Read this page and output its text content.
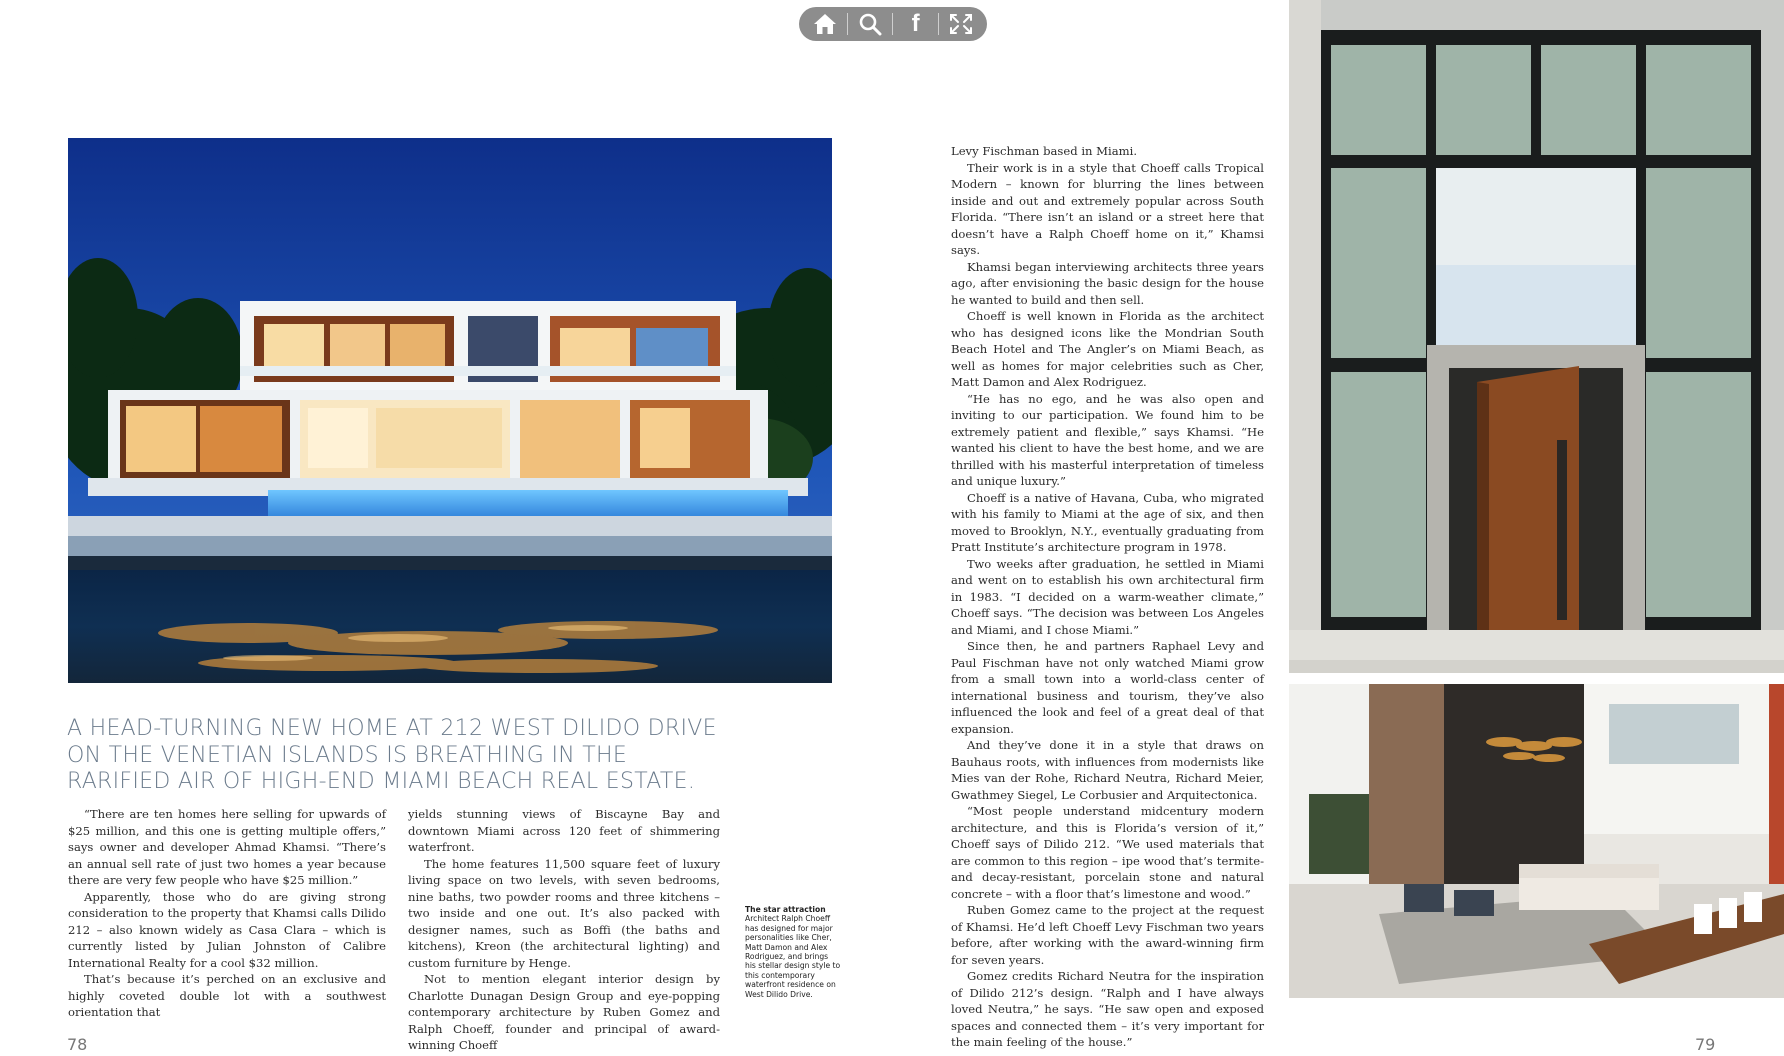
f
A HEAD-TURNING NEW HOME AT 212 WEST DILIDO DRIVE ON THE VENETIAN ISLANDS IS BREATHING IN THE RARIFIED AIR OF HIGH-END MIAMI BEACH REAL ESTATE.

“There are ten homes here selling for upwards of $25 million, and this one is getting multiple offers,” says owner and developer Ahmad Khamsi. “There’s an annual sell rate of just two homes a year because there are very few people who have $25 million.”

Apparently, those who do are giving strong consideration to the property that Khamsi calls Dilido 212 – also known widely as Casa Clara – which is currently listed by Julian Johnston of Calibre International Realty for a cool $32 million.

That’s because it’s perched on an exclusive and highly coveted double lot with a southwest orientation that

yields stunning views of Biscayne Bay and downtown Miami across 120 feet of shimmering waterfront.

The home features 11,500 square feet of luxury living space on two levels, with seven bedrooms, nine baths, two powder rooms and three kitchens – two inside and one out. It’s also packed with designer names, such as Boffi (the baths and kitchens), Kreon (the architectural lighting) and custom furniture by Henge.

Not to mention elegant interior design by Charlotte Dunagan Design Group and eye-popping contemporary architecture by Ruben Gomez and Ralph Choeff, founder and principal of award-winning Choeff

The star attraction
Architect Ralph Choeff has designed for major personalities like Cher, Matt Damon and Alex Rodriguez, and brings his stellar design style to this contemporary waterfront residence on West Dilido Drive.

Levy Fischman based in Miami.

Their work is in a style that Choeff calls Tropical Modern – known for blurring the lines between inside and out and extremely popular across South Florida. “There isn’t an island or a street here that doesn’t have a Ralph Choeff home on it,” Khamsi says.

Khamsi began interviewing architects three years ago, after envisioning the basic design for the house he wanted to build and then sell.

Choeff is well known in Florida as the architect who has designed icons like the Mondrian South Beach Hotel and The Angler’s on Miami Beach, as well as homes for major celebrities such as Cher, Matt Damon and Alex Rodriguez.

“He has no ego, and he was also open and inviting to our participation. We found him to be extremely patient and flexible,” says Khamsi. “He wanted his client to have the best home, and we are thrilled with his masterful interpretation of timeless and unique luxury.”

Choeff is a native of Havana, Cuba, who migrated with his family to Miami at the age of six, and then moved to Brooklyn, N.Y., eventually graduating from Pratt Institute’s architecture program in 1978.

Two weeks after graduation, he settled in Miami and went on to establish his own architectural firm in 1983. “I decided on a warm-weather climate,” Choeff says. “The decision was between Los Angeles and Miami, and I chose Miami.”

Since then, he and partners Raphael Levy and Paul Fischman have not only watched Miami grow from a small town into a world-class center of international business and tourism, they’ve also influenced the look and feel of a great deal of that expansion.

And they’ve done it in a style that draws on Bauhaus roots, with influences from modernists like Mies van der Rohe, Richard Neutra, Richard Meier, Gwathmey Siegel, Le Corbusier and Arquitectonica.

“Most people understand midcentury modern architecture, and this is Florida’s version of it,” Choeff says of Dilido 212. “We used materials that are common to this region – ipe wood that’s termite- and decay-resistant, porcelain stone and natural concrete – with a floor that’s limestone and wood.”

Ruben Gomez came to the project at the request of Khamsi. He’d left Choeff Levy Fischman two years before, after working with the award-winning firm for seven years.

Gomez credits Richard Neutra for the inspiration of Dilido 212’s design. “Ralph and I have always loved Neutra,” he says. “He saw open and exposed spaces and connected them – it’s very important for the main feeling of the house.”

78	79
